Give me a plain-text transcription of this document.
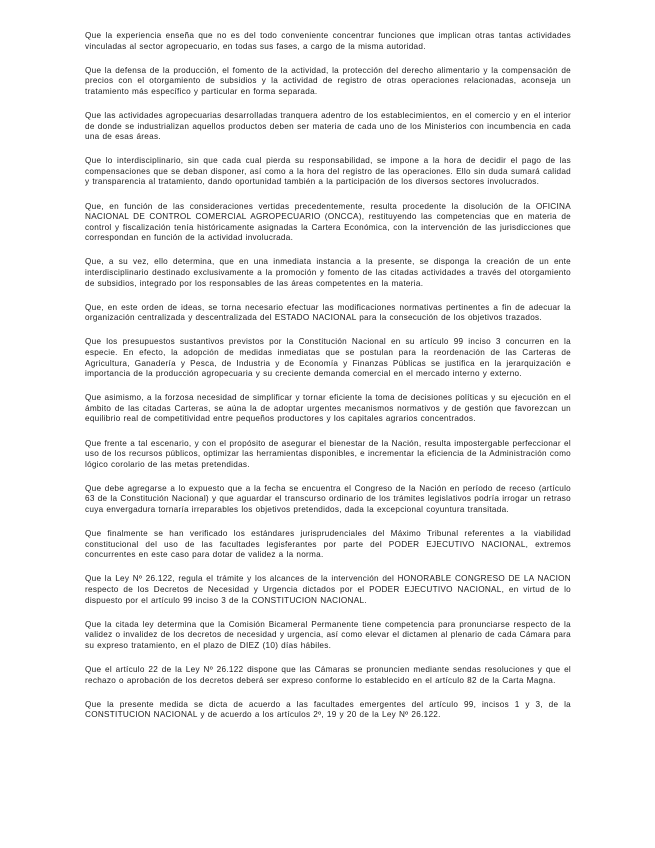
Que la experiencia enseña que no es del todo conveniente concentrar funciones que implican otras tantas actividades vinculadas al sector agropecuario, en todas sus fases, a cargo de la misma autoridad.

Que la defensa de la producción, el fomento de la actividad, la protección del derecho alimentario y la compensación de precios con el otorgamiento de subsidios y la actividad de registro de otras operaciones relacionadas, aconseja un tratamiento más específico y particular en forma separada.

Que las actividades agropecuarias desarrolladas tranquera adentro de los establecimientos, en el comercio y en el interior de donde se industrializan aquellos productos deben ser materia de cada uno de los Ministerios con incumbencia en cada una de esas áreas.

Que lo interdisciplinario, sin que cada cual pierda su responsabilidad, se impone a la hora de decidir el pago de las compensaciones que se deban disponer, así como a la hora del registro de las operaciones. Ello sin duda sumará calidad y transparencia al tratamiento, dando oportunidad también a la participación de los diversos sectores involucrados.

Que, en función de las consideraciones vertidas precedentemente, resulta procedente la disolución de la OFICINA NACIONAL DE CONTROL COMERCIAL AGROPECUARIO (ONCCA), restituyendo las competencias que en materia de control y fiscalización tenía históricamente asignadas la Cartera Económica, con la intervención de las jurisdicciones que correspondan en función de la actividad involucrada.

Que, a su vez, ello determina, que en una inmediata instancia a la presente, se disponga la creación de un ente interdisciplinario destinado exclusivamente a la promoción y fomento de las citadas actividades a través del otorgamiento de subsidios, integrado por los responsables de las áreas competentes en la materia.

Que, en este orden de ideas, se torna necesario efectuar las modificaciones normativas pertinentes a fin de adecuar la organización centralizada y descentralizada del ESTADO NACIONAL para la consecución de los objetivos trazados.

Que los presupuestos sustantivos previstos por la Constitución Nacional en su artículo 99 inciso 3 concurren en la especie. En efecto, la adopción de medidas inmediatas que se postulan para la reordenación de las Carteras de Agricultura, Ganadería y Pesca, de Industria y de Economía y Finanzas Públicas se justifica en la jerarquización e importancia de la producción agropecuaria y su creciente demanda comercial en el mercado interno y externo.

Que asimismo, a la forzosa necesidad de simplificar y tornar eficiente la toma de decisiones políticas y su ejecución en el ámbito de las citadas Carteras, se aúna la de adoptar urgentes mecanismos normativos y de gestión que favorezcan un equilibrio real de competitividad entre pequeños productores y los capitales agrarios concentrados.

Que frente a tal escenario, y con el propósito de asegurar el bienestar de la Nación, resulta impostergable perfeccionar el uso de los recursos públicos, optimizar las herramientas disponibles, e incrementar la eficiencia de la Administración como lógico corolario de las metas pretendidas.

Que debe agregarse a lo expuesto que a la fecha se encuentra el Congreso de la Nación en período de receso (artículo 63 de la Constitución Nacional) y que aguardar el transcurso ordinario de los trámites legislativos podría irrogar un retraso cuya envergadura tornaría irreparables los objetivos pretendidos, dada la excepcional coyuntura transitada.

Que finalmente se han verificado los estándares jurisprudenciales del Máximo Tribunal referentes a la viabilidad constitucional del uso de las facultades legisferantes por parte del PODER EJECUTIVO NACIONAL, extremos concurrentes en este caso para dotar de validez a la norma.

Que la Ley Nº 26.122, regula el trámite y los alcances de la intervención del HONORABLE CONGRESO DE LA NACION respecto de los Decretos de Necesidad y Urgencia dictados por el PODER EJECUTIVO NACIONAL, en virtud de lo dispuesto por el artículo 99 inciso 3 de la CONSTITUCION NACIONAL.

Que la citada ley determina que la Comisión Bicameral Permanente tiene competencia para pronunciarse respecto de la validez o invalidez de los decretos de necesidad y urgencia, así como elevar el dictamen al plenario de cada Cámara para su expreso tratamiento, en el plazo de DIEZ (10) días hábiles.

Que el artículo 22 de la Ley Nº 26.122 dispone que las Cámaras se pronuncien mediante sendas resoluciones y que el rechazo o aprobación de los decretos deberá ser expreso conforme lo establecido en el artículo 82 de la Carta Magna.

Que la presente medida se dicta de acuerdo a las facultades emergentes del artículo 99, incisos 1 y 3, de la CONSTITUCION NACIONAL y de acuerdo a los artículos 2º, 19 y 20 de la Ley Nº 26.122.
